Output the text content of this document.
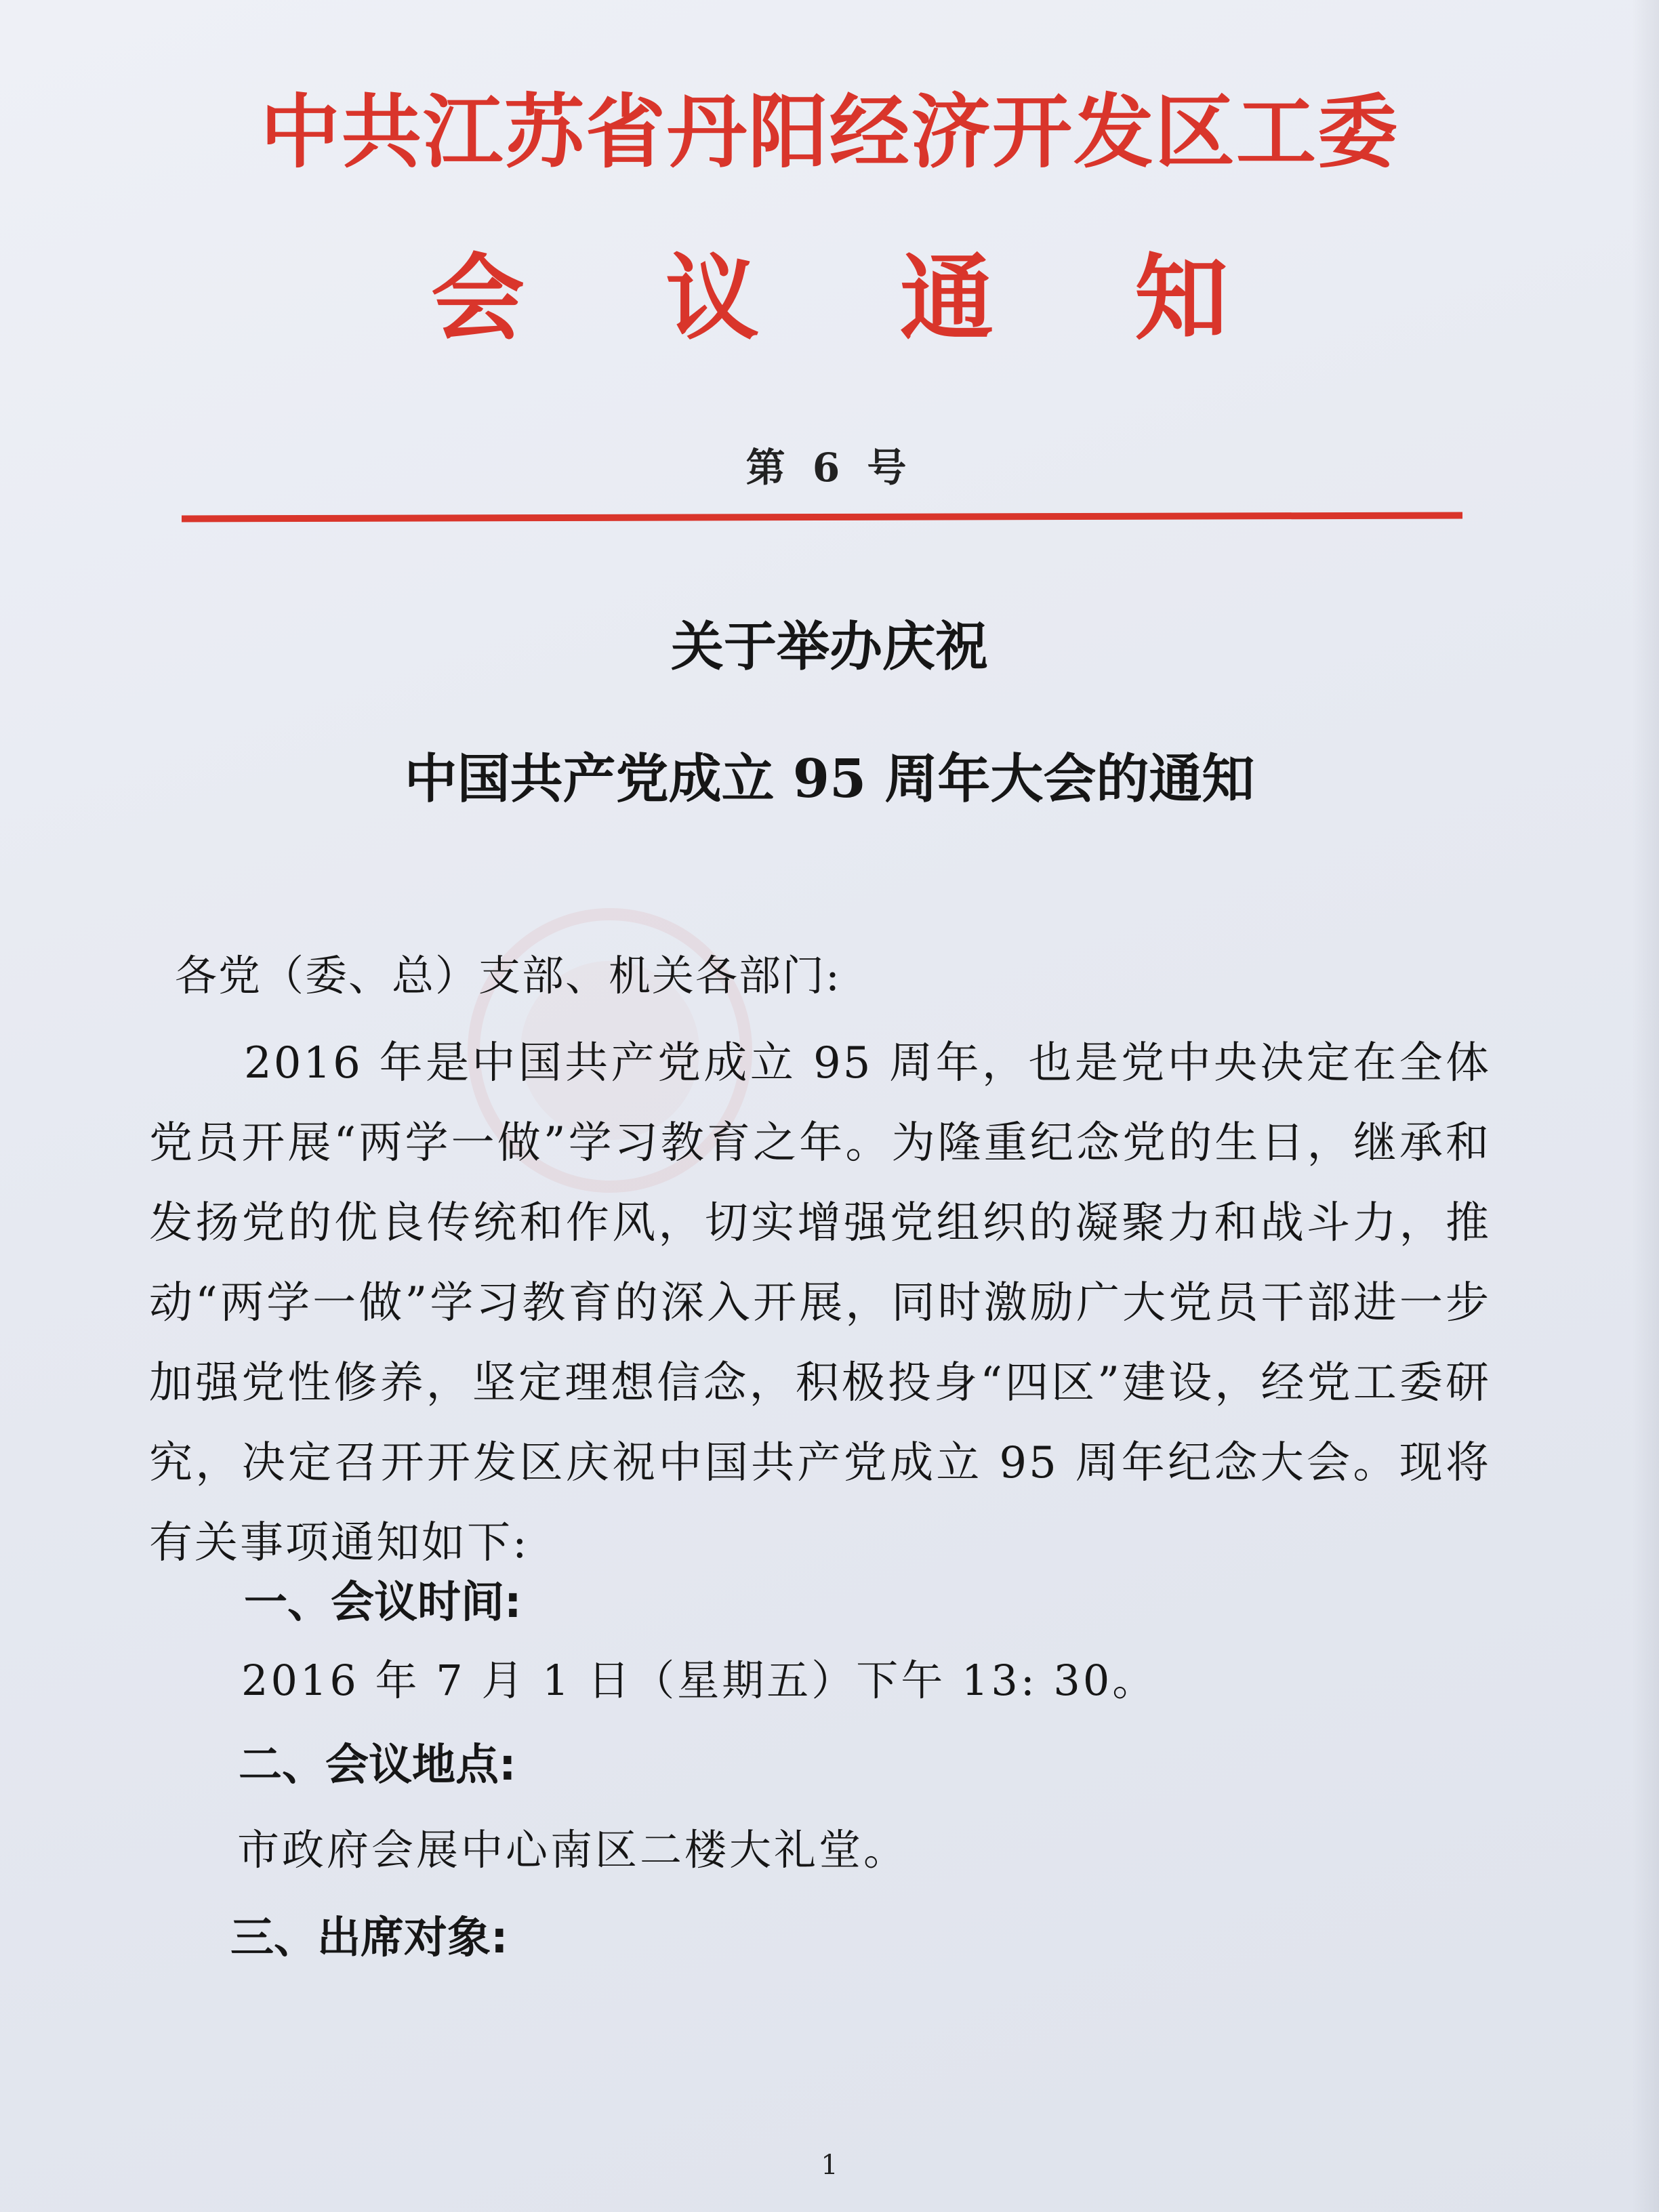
中共江苏省丹阳经济开发区工委
会 议 通 知
第 6 号
关于举办庆祝
中国共产党成立 95 周年大会的通知
各党（委、总）支部、机关各部门:
2016 年是中国共产党成立 95 周年，也是党中央决定在全体党员开展“两学一做”学习教育之年。为隆重纪念党的生日，继承和发扬党的优良传统和作风，切实增强党组织的凝聚力和战斗力，推动“两学一做”学习教育的深入开展，同时激励广大党员干部进一步加强党性修养，坚定理想信念，积极投身“四区”建设，经党工委研究，决定召开开发区庆祝中国共产党成立 95 周年纪念大会。现将有关事项通知如下:
一、会议时间:
2016 年 7 月 1 日（星期五）下午 13: 30。
二、会议地点:
市政府会展中心南区二楼大礼堂。
三、出席对象:
1
